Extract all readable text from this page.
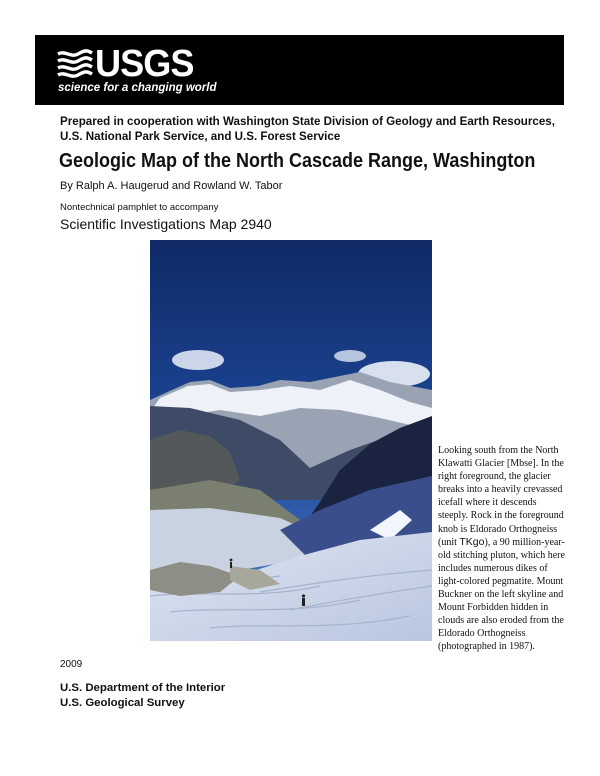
USGS
science for a changing world
Prepared in cooperation with Washington State Division of Geology and Earth Resources, U.S. National Park Service, and U.S. Forest Service
Geologic Map of the North Cascade Range, Washington
By Ralph A. Haugerud and Rowland W. Tabor
Nontechnical pamphlet to accompany
Scientific Investigations Map 2940
Looking south from the North Klawatti Glacier [Mbse]. In the right foreground, the glacier breaks into a heavily crevassed icefall where it descends steeply. Rock in the foreground knob is Eldorado Orthogneiss (unit TKgo), a 90 million-year-old stitching pluton, which here includes numerous dikes of light-colored pegmatite. Mount Buckner on the left skyline and Mount Forbidden hidden in clouds are also eroded from the Eldorado Orthogneiss (photographed in 1987).
2009
U.S. Department of the Interior
U.S. Geological Survey
